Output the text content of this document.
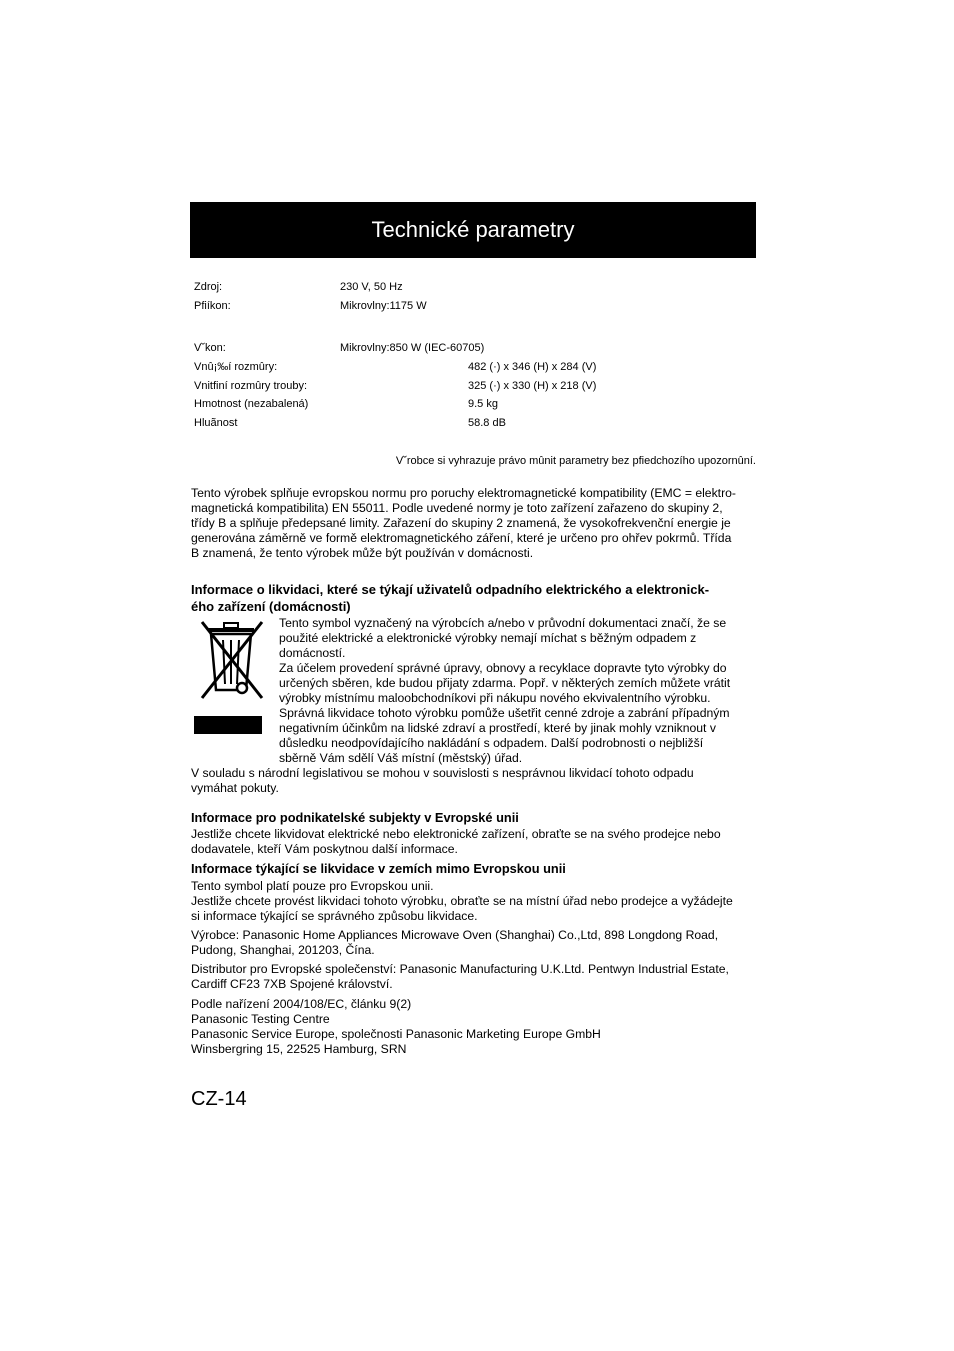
Technické parametry
Zdroj:	230 V, 50 Hz
Pfiíkon:	Mikrovlny:1175 W
V˘kon:	Mikrovlny:850 W (IEC-60705)
Vnû¡‰í rozmûry:	482 (·) x 346 (H) x 284 (V)
Vnitfiní rozmûry trouby:	325 (·) x 330 (H) x 218 (V)
Hmotnost (nezabalená)	9.5 kg
Hluãnost	58.8 dB
V˘robce si vyhrazuje právo mûnit parametry bez pfiedchozího upozornûní.
Tento výrobek splňuje evropskou normu pro poruchy elektromagnetické kompatibility (EMC = elektro-
magnetická kompatibilita) EN 55011. Podle uvedené normy je toto zařízení zařazeno do skupiny 2,
třídy B a splňuje předepsané limity. Zařazení do skupiny 2 znamená, že vysokofrekvenční energie je
generována záměrně ve formě elektromagnetického záření, které je určeno pro ohřev pokrmů. Třída
B znamená, že tento výrobek může být používán v domácnosti.
Informace o likvidaci, které se týkají uživatelů odpadního elektrického a elektronick-
ého zařízení (domácnosti)
Tento symbol vyznačený na výrobcích a/nebo v průvodní dokumentaci značí, že se
použité elektrické a elektronické výrobky nemají míchat s běžným odpadem z
domácností.
Za účelem provedení správné úpravy, obnovy a recyklace dopravte tyto výrobky do
určených sběren, kde budou přijaty zdarma. Popř. v některých zemích můžete vrátit
výrobky místnímu maloobchodníkovi při nákupu nového ekvivalentního výrobku.
Správná likvidace tohoto výrobku pomůže ušetřit cenné zdroje a zabrání případným
negativním účinkům na lidské zdraví a prostředí, které by jinak mohly vzniknout v
důsledku neodpovídajícího nakládání s odpadem. Další podrobnosti o nejbližší
sběrně Vám sdělí Váš místní (městský) úřad.
V souladu s národní legislativou se mohou v souvislosti s nesprávnou likvidací tohoto odpadu
vymáhat pokuty.
Informace pro podnikatelské subjekty v Evropské unii
Jestliže chcete likvidovat elektrické nebo elektronické zařízení, obraťte se na svého prodejce nebo
dodavatele, kteří Vám poskytnou další informace.
Informace týkající se likvidace v zemích mimo Evropskou unii
Tento symbol platí pouze pro Evropskou unii.
Jestliže chcete provést likvidaci tohoto výrobku, obraťte se na místní úřad nebo prodejce a vyžádejte
si informace týkající se správného způsobu likvidace.
Výrobce: Panasonic Home Appliances Microwave Oven (Shanghai) Co.,Ltd, 898 Longdong Road,
Pudong, Shanghai, 201203, Čína.
Distributor pro Evropské společenství: Panasonic Manufacturing U.K.Ltd. Pentwyn Industrial Estate,
Cardiff CF23 7XB Spojené království.
Podle nařízení 2004/108/EC, článku 9(2)
Panasonic Testing Centre
Panasonic Service Europe, společnosti Panasonic Marketing Europe GmbH
Winsbergring 15, 22525 Hamburg, SRN
CZ-14
